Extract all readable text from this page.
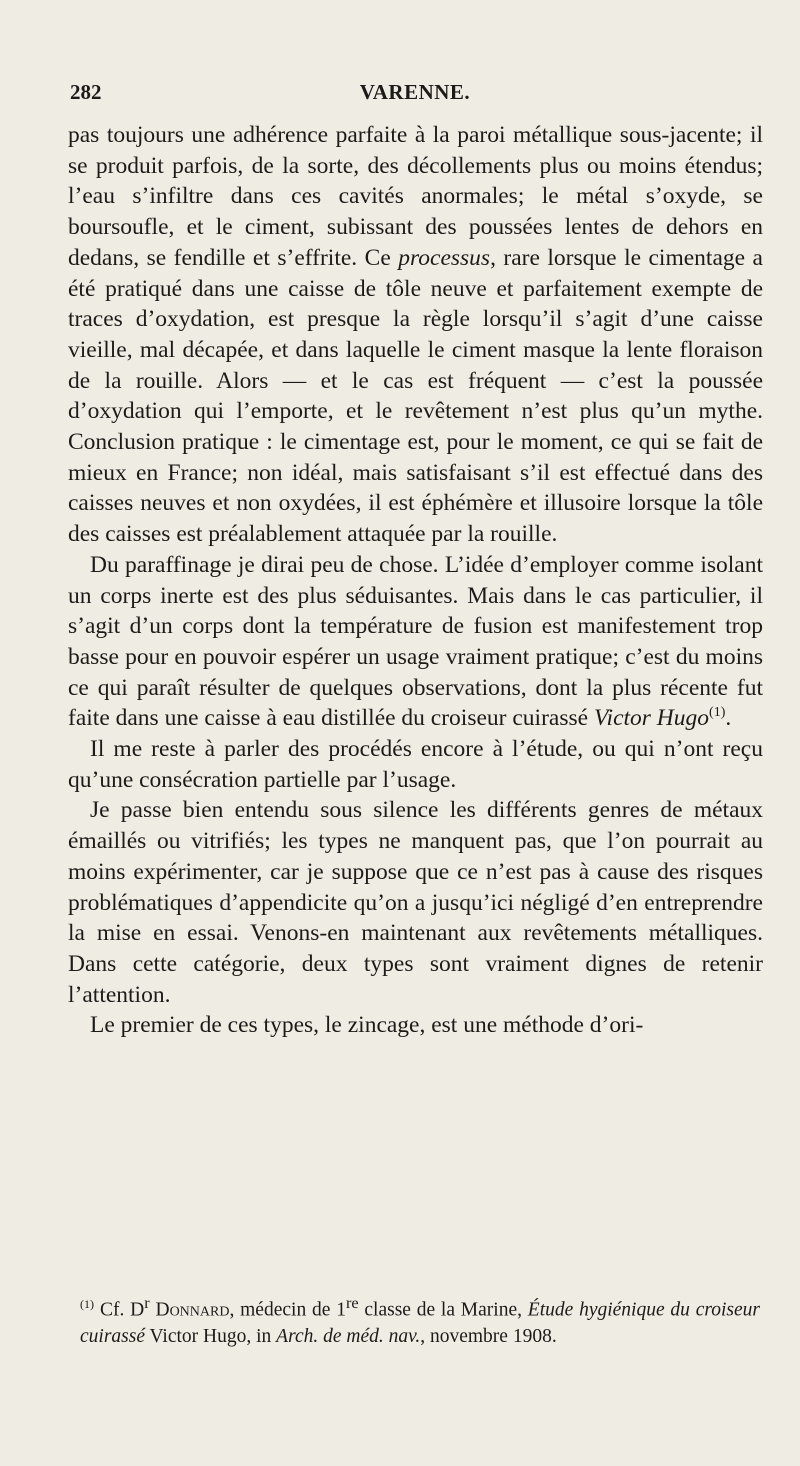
282	VARENNE.

pas toujours une adhérence parfaite à la paroi métallique sous-jacente; il se produit parfois, de la sorte, des décollements plus ou moins étendus; l’eau s’infiltre dans ces cavités anormales; le métal s’oxyde, se boursoufle, et le ciment, subissant des poussées lentes de dehors en dedans, se fendille et s’effrite. Ce processus, rare lorsque le cimentage a été pratiqué dans une caisse de tôle neuve et parfaitement exempte de traces d’oxydation, est presque la règle lorsqu’il s’agit d’une caisse vieille, mal décapée, et dans laquelle le ciment masque la lente floraison de la rouille. Alors — et le cas est fréquent — c’est la poussée d’oxydation qui l’emporte, et le revêtement n’est plus qu’un mythe. Conclusion pratique : le cimentage est, pour le moment, ce qui se fait de mieux en France; non idéal, mais satisfaisant s’il est effectué dans des caisses neuves et non oxydées, il est éphémère et illusoire lorsque la tôle des caisses est préalablement attaquée par la rouille.

Du paraffinage je dirai peu de chose. L’idée d’employer comme isolant un corps inerte est des plus séduisantes. Mais dans le cas particulier, il s’agit d’un corps dont la température de fusion est manifestement trop basse pour en pouvoir espérer un usage vraiment pratique; c’est du moins ce qui paraît résulter de quelques observations, dont la plus récente fut faite dans une caisse à eau distillée du croiseur cuirassé Victor Hugo$^{(1)}$.

Il me reste à parler des procédés encore à l’étude, ou qui n’ont reçu qu’une consécration partielle par l’usage.

Je passe bien entendu sous silence les différents genres de métaux émaillés ou vitrifiés; les types ne manquent pas, que l’on pourrait au moins expérimenter, car je suppose que ce n’est pas à cause des risques problématiques d’appendicite qu’on a jusqu’ici négligé d’en entreprendre la mise en essai. Venons-en maintenant aux revêtements métalliques. Dans cette catégorie, deux types sont vraiment dignes de retenir l’attention.

Le premier de ces types, le zincage, est une méthode d’ori-

$^{(1)}$ Cf. $D^r$ Donnard, médecin de 1re classe de la Marine, Étude hygiénique du croiseur cuirassé Victor Hugo, in Arch. de méd. nav., novembre 1908.
